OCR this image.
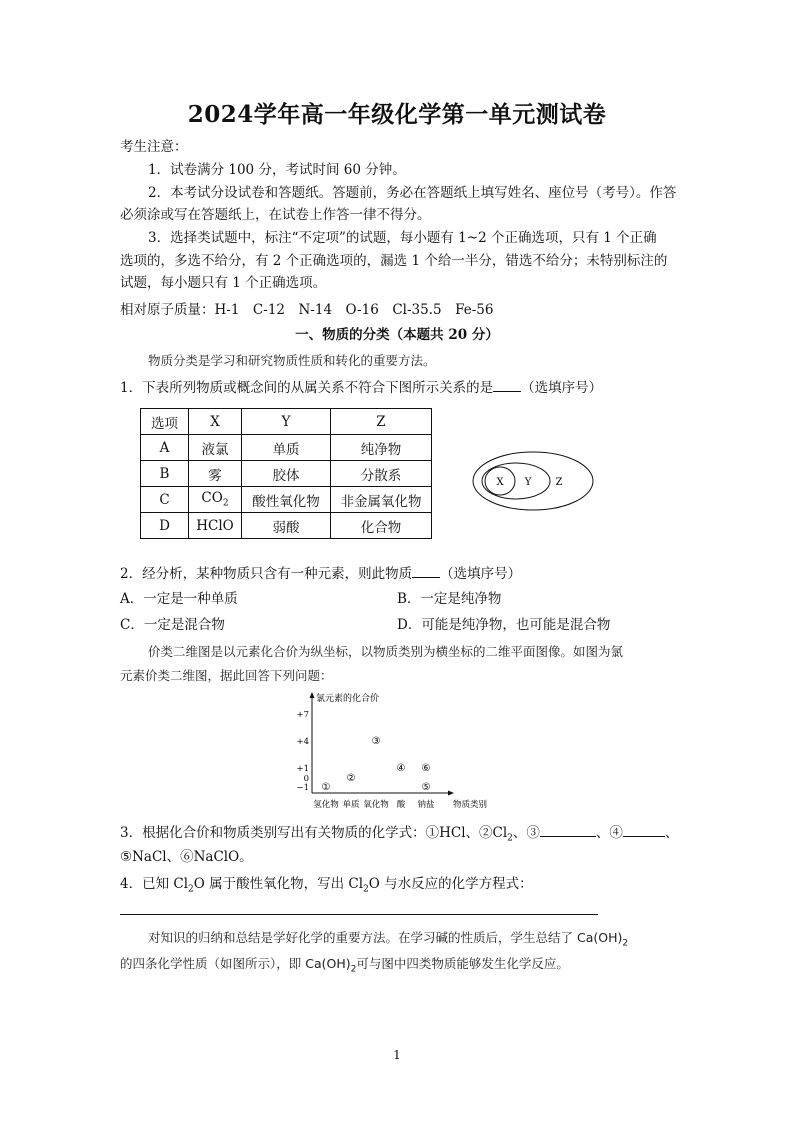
2024学年高一年级化学第一单元测试卷
考生注意：
1．试卷满分 100 分，考试时间 60 分钟。
2．本考试分设试卷和答题纸。答题前，务必在答题纸上填写姓名、座位号（考号）。作答
必须涂或写在答题纸上，在试卷上作答一律不得分。
3．选择类试题中，标注“不定项”的试题，每小题有 1~2 个正确选项，只有 1 个正确
选项的，多选不给分，有 2 个正确选项的，漏选 1 个给一半分，错选不给分；未特别标注的
试题，每小题只有 1 个正确选项。
相对原子质量：H-1　C-12　N-14　O-16　Cl-35.5　Fe-56
一、物质的分类（本题共 20 分）
物质分类是学习和研究物质性质和转化的重要方法。
1．下表所列物质或概念间的从属关系不符合下图所示关系的是 （选填序号）
选项	X	Y	Z
A	液氯	单质	纯净物
B	雾	胶体	分散系
C	$CO_2$	酸性氧化物	非金属氧化物
D	HClO	弱酸	化合物
X Y Z
2．经分析，某种物质只含有一种元素，则此物质 （选填序号）
A．一定是一种单质	B．一定是纯净物
C．一定是混合物	D．可能是纯净物，也可能是混合物
价类二维图是以元素化合价为纵坐标，以物质类别为横坐标的二维平面图像。如图为氯
元素价类二维图，据此回答下列问题：
氯元素的化合价
物质类别
+7
+4
+1
0
−1
氢化物 单质 氧化物 酸 钠盐
①
②
③
④ ⑥
⑤
3．根据化合价和物质类别写出有关物质的化学式：①HCl、$②Cl_2$、③	、④	、
⑤NaCl、⑥NaClO。
4．已知 $Cl_2O$ 属于酸性氧化物，写出 $Cl_2O$ 与水反应的化学方程式：
对知识的归纳和总结是学好化学的重要方法。在学习碱的性质后，学生总结了 $Ca(OH)_2$
的四条化学性质（如图所示），即 $Ca(OH)_2$可与图中四类物质能够发生化学反应。
1
